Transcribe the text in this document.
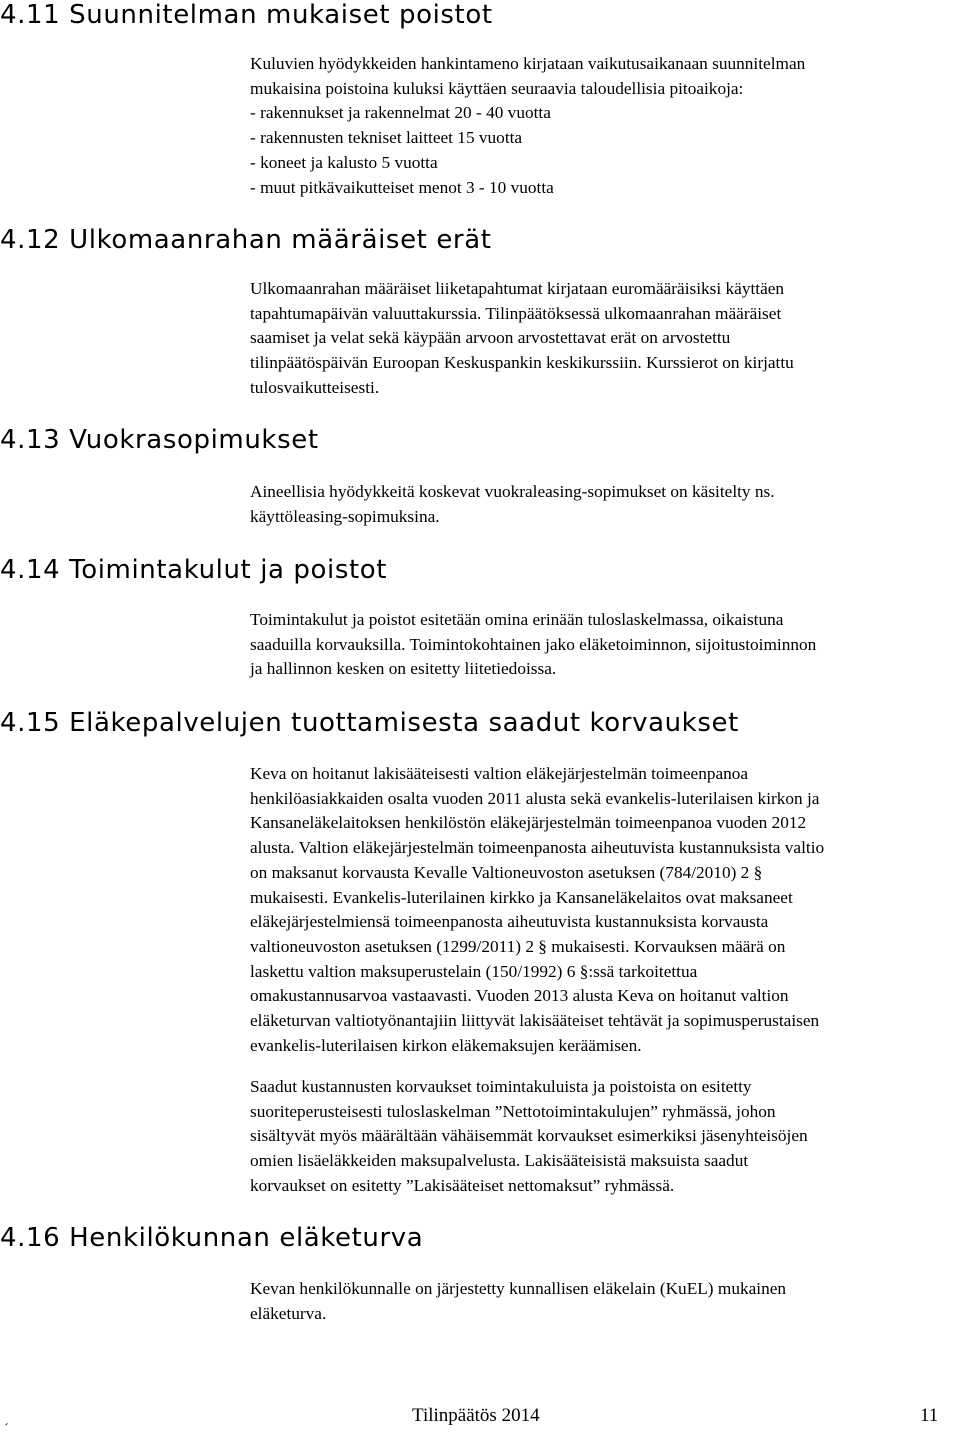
4.11 Suunnitelman mukaiset poistot
Kuluvien hyödykkeiden hankintameno kirjataan vaikutusaikanaan suunnitelman
mukaisina poistoina kuluksi käyttäen seuraavia taloudellisia pitoaikoja:
- rakennukset ja rakennelmat 20 - 40 vuotta
- rakennusten tekniset laitteet 15 vuotta
- koneet ja kalusto 5 vuotta
- muut pitkävaikutteiset menot 3 - 10 vuotta
4.12 Ulkomaanrahan määräiset erät
Ulkomaanrahan määräiset liiketapahtumat kirjataan euromääräisiksi käyttäen
tapahtumapäivän valuuttakurssia. Tilinpäätöksessä ulkomaanrahan määräiset
saamiset ja velat sekä käypään arvoon arvostettavat erät on arvostettu
tilinpäätöspäivän Euroopan Keskuspankin keskikurssiin. Kurssierot on kirjattu
tulosvaikutteisesti.
4.13 Vuokrasopimukset
Aineellisia hyödykkeitä koskevat vuokraleasing-sopimukset on käsitelty ns.
käyttöleasing-sopimuksina.
4.14 Toimintakulut ja poistot
Toimintakulut ja poistot esitetään omina erinään tuloslaskelmassa, oikaistuna
saaduilla korvauksilla. Toimintokohtainen jako eläketoiminnon, sijoitustoiminnon
ja hallinnon kesken on esitetty liitetiedoissa.
4.15 Eläkepalvelujen tuottamisesta saadut korvaukset
Keva on hoitanut lakisääteisesti valtion eläkejärjestelmän toimeenpanoa
henkilöasiakkaiden osalta vuoden 2011 alusta sekä evankelis-luterilaisen kirkon ja
Kansaneläkelaitoksen henkilöstön eläkejärjestelmän toimeenpanoa vuoden 2012
alusta. Valtion eläkejärjestelmän toimeenpanosta aiheutuvista kustannuksista valtio
on maksanut korvausta Kevalle Valtioneuvoston asetuksen (784/2010) 2 §
mukaisesti. Evankelis-luterilainen kirkko ja Kansaneläkelaitos ovat maksaneet
eläkejärjestelmiensä toimeenpanosta aiheutuvista kustannuksista korvausta
valtioneuvoston asetuksen (1299/2011) 2 § mukaisesti. Korvauksen määrä on
laskettu valtion maksuperustelain (150/1992) 6 §:ssä tarkoitettua
omakustannusarvoa vastaavasti. Vuoden 2013 alusta Keva on hoitanut valtion
eläketurvan valtiotyönantajiin liittyvät lakisääteiset tehtävät ja sopimusperustaisen
evankelis-luterilaisen kirkon eläkemaksujen keräämisen.
Saadut kustannusten korvaukset toimintakuluista ja poistoista on esitetty
suoriteperusteisesti tuloslaskelman ”Nettotoimintakulujen” ryhmässä, johon
sisältyvät myös määrältään vähäisemmät korvaukset esimerkiksi jäsenyhteisöjen
omien lisäeläkkeiden maksupalvelusta. Lakisääteisistä maksuista saadut
korvaukset on esitetty ”Lakisääteiset nettomaksut” ryhmässä.
4.16 Henkilökunnan eläketurva
Kevan henkilökunnalle on järjestetty kunnallisen eläkelain (KuEL) mukainen
eläketurva.
Tilinpäätös 2014	11
´
